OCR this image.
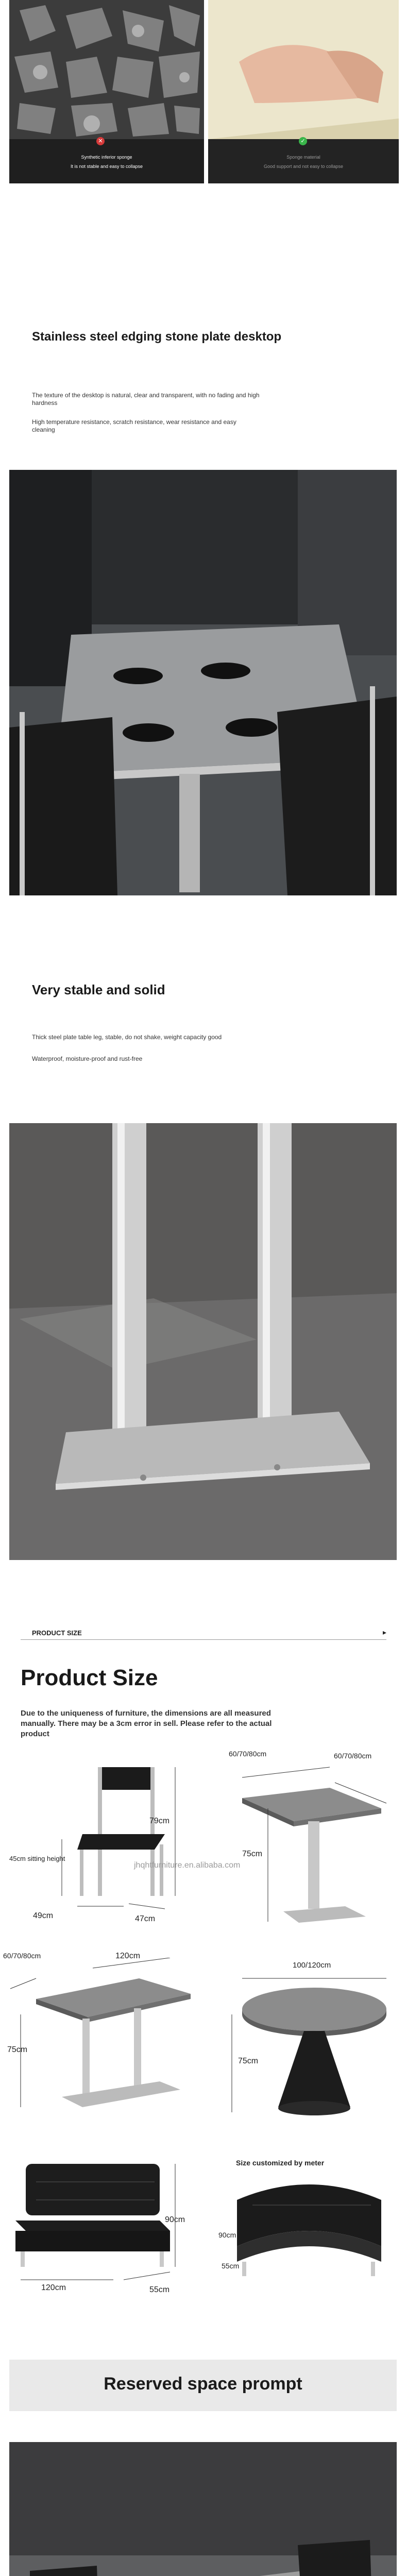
✕
Synthetic inferior sponge
It is not stable and easy to collapse
✓
Sponge material
Good support and not easy to collapse
Stainless steel edging stone plate desktop
The texture of the desktop is natural, clear and transparent, with no fading and high
hardness
High temperature resistance, scratch resistance, wear resistance and easy
cleaning
Very stable and solid
Thick steel plate table leg, stable, do not shake, weight capacity good
Waterproof, moisture-proof and rust-free
PRODUCT SIZE	▸
Product Size
Due to the uniqueness of furniture, the dimensions are all measured
manually. There may be a 3cm error in sell. Please refer to the actual
product
79cm
45cm sitting height
49cm	47cm
60/70/80cm	60/70/80cm
75cm
jhqhtfurniture.en.alibaba.com
60/70/80cm	120cm
75cm
100/120cm
75cm
90cm
120cm	55cm
Size customized by meter
90cm
55cm
Reserved space prompt
